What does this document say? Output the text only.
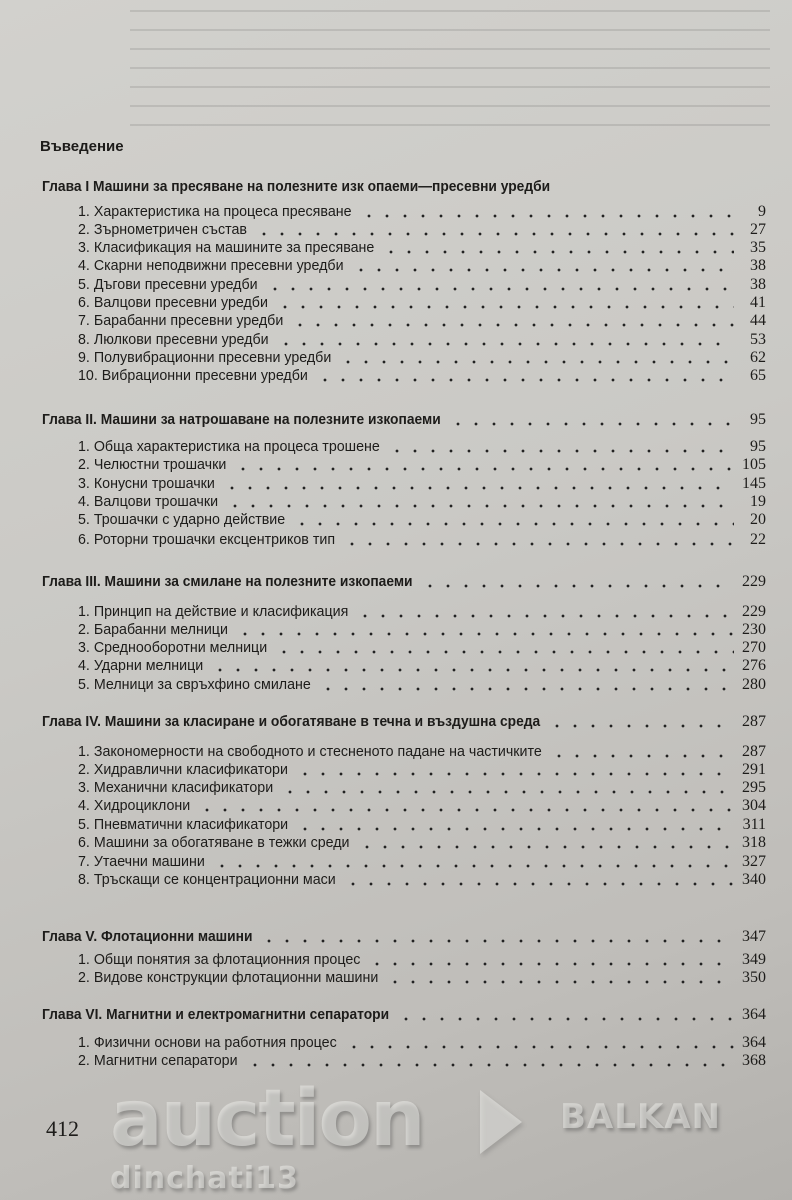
Въведение
Глава I Машини за пресяване на полезните изк опаеми—пресевни уредби
1. Характеристика на процеса пресяване	9
2. Зърнометричен състав	27
3. Класификация на машините за пресяване	35
4. Скарни неподвижни пресевни уредби	38
5. Дъгови пресевни уредби	38
6. Валцови пресевни уредби	41
7. Барабанни пресевни уредби	44
8. Люлкови пресевни уредби	53
9. Полувибрационни пресевни уредби	62
10. Вибрационни пресевни уредби	65
Глава II. Машини за натрошаване на полезните изкопаеми	95
1. Обща характеристика на процеса трошене	95
2. Челюстни трошачки	105
3. Конусни трошачки	145
4. Валцови трошачки	19
5. Трошачки с ударно действие	20
6. Роторни трошачки ексцентриков тип	22
Глава III. Машини за смилане на полезните изкопаеми	229
1. Принцип на действие и класификация	229
2. Барабанни мелници	230
3. Среднооборотни мелници	270
4. Ударни мелници	276
5. Мелници за свръхфино смилане	280
Глава IV. Машини за класиране и обогатяване в течна и въздушна среда	287
1. Закономерности на свободното и стесненото падане на частичките	287
2. Хидравлични класификатори	291
3. Механични класификатори	295
4. Хидроциклони	304
5. Пневматични класификатори	311
6. Машини за обогатяване в тежки среди	318
7. Утаечни машини	327
8. Тръскащи се концентрационни маси	340
Глава V. Флотационни машини	347
1. Общи понятия за флотационния процес	349
2. Видове конструкции флотационни машини	350
Глава VI. Магнитни и електромагнитни сепаратори	364
1. Физични основи на работния процес	364
2. Магнитни сепаратори	368
412	BALKAN
auction
dinchati13
